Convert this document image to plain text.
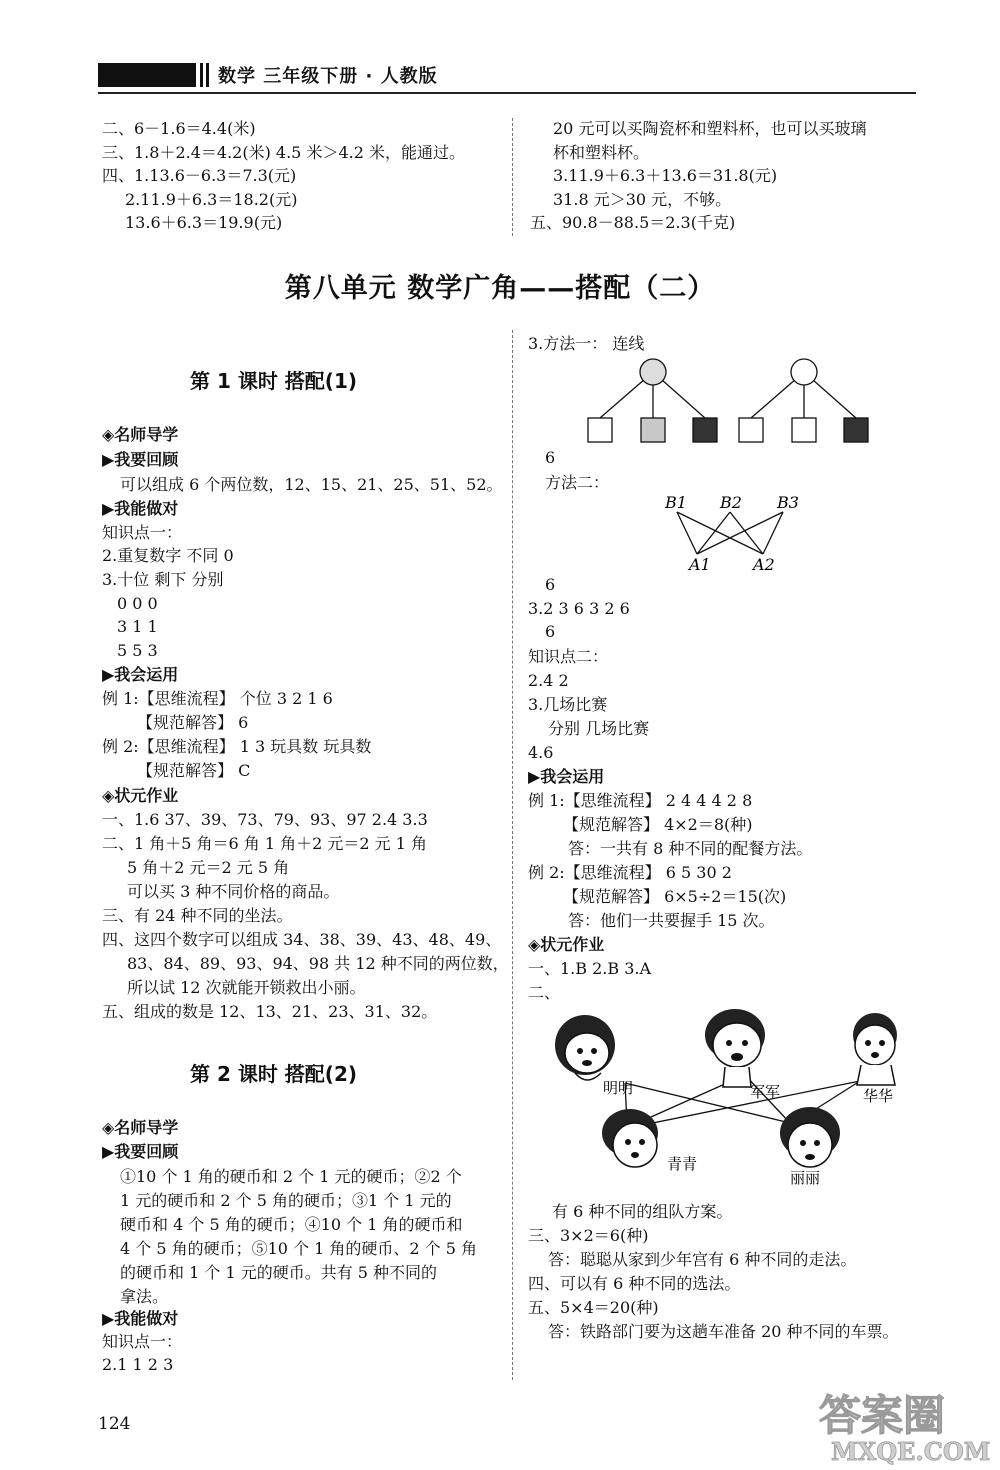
数学 三年级下册 · 人教版
二、6－1.6＝4.4(米)
三、1.8＋2.4＝4.2(米) 4.5 米＞4.2 米，能通过。
四、1.13.6－6.3＝7.3(元)
2.11.9＋6.3＝18.2(元)
13.6＋6.3＝19.9(元)
20 元可以买陶瓷杯和塑料杯，也可以买玻璃
杯和塑料杯。
3.11.9＋6.3＋13.6＝31.8(元)
31.8 元＞30 元，不够。
五、90.8－88.5＝2.3(千克)
第八单元 数学广角——搭配（二）
第 1 课时 搭配(1)
◈名师导学
▶我要回顾
可以组成 6 个两位数，12、15、21、25、51、52。
▶我能做对
知识点一：
2.重复数字 不同 0
3.十位 剩下 分别
0 0 0
3 1 1
5 5 3
▶我会运用
例 1:【思维流程】 个位 3 2 1 6
【规范解答】 6
例 2:【思维流程】 1 3 玩具数 玩具数
【规范解答】 C
◈状元作业
一、1.6 37、39、73、79、93、97 2.4 3.3
二、1 角＋5 角＝6 角 1 角＋2 元＝2 元 1 角
5 角＋2 元＝2 元 5 角
可以买 3 种不同价格的商品。
三、有 24 种不同的坐法。
四、这四个数字可以组成 34、38、39、43、48、49、
83、84、89、93、94、98 共 12 种不同的两位数，
所以试 12 次就能开锁救出小丽。
五、组成的数是 12、13、21、23、31、32。
第 2 课时 搭配(2)
◈名师导学
▶我要回顾
①10 个 1 角的硬币和 2 个 1 元的硬币；②2 个
1 元的硬币和 2 个 5 角的硬币；③1 个 1 元的
硬币和 4 个 5 角的硬币；④10 个 1 角的硬币和
4 个 5 角的硬币；⑤10 个 1 角的硬币、2 个 5 角
的硬币和 1 个 1 元的硬币。共有 5 种不同的
拿法。
▶我能做对
知识点一：
2.1 1 2 3
3.方法一： 连线
6
方法二：
B1 B2 B3
A1	A2
6
3.2 3 6 3 2 6
6
知识点二：
2.4 2
3.几场比赛
分别 几场比赛
4.6
▶我会运用
例 1:【思维流程】 2 4 4 4 2 8
【规范解答】 4×2＝8(种)
答：一共有 8 种不同的配餐方法。
例 2:【思维流程】 6 5 30 2
【规范解答】 6×5÷2＝15(次)
答：他们一共要握手 15 次。
◈状元作业
一、1.B 2.B 3.A
二、
明明	军军	华华
青青
丽丽
有 6 种不同的组队方案。
三、3×2＝6(种)
答：聪聪从家到少年宫有 6 种不同的走法。
四、可以有 6 种不同的选法。
五、5×4＝20(种)
答：铁路部门要为这趟车准备 20 种不同的车票。
124	答案圈
MXQE.COM
